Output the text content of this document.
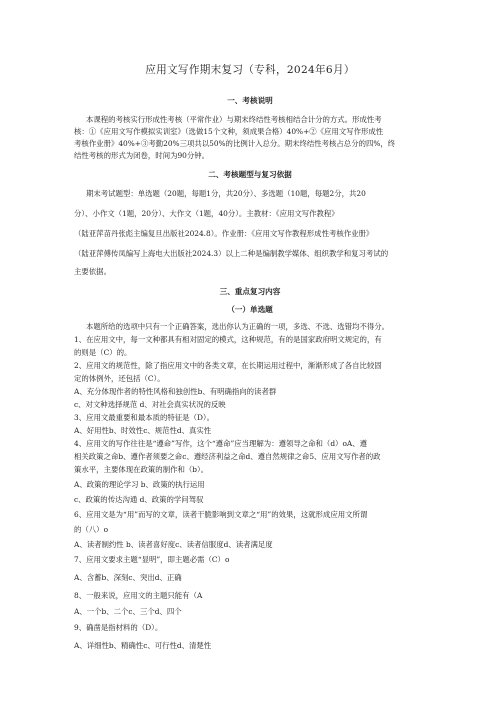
应用文写作期末复习（专科，2024年6月）
一、考核说明
本课程的考核实行形成性考核（平常作业）与期末终结性考核相结合计分的方式。形成性考
核：①《应用文写作模拟实训室》（选做15个文种，须成果合格）40%+②《应用文写作形成性
考核作业册》40%+③考勤20%三项共以50%的比例计入总分。期末终结性考核占总分的四%，终
结性考核的形式为闭卷，时间为90分钟。
二、考核题型与复习依据
期末考试题型：单选题（20题，每题1分，共20分）、多选题（10题，每题2分，共20
分）、小作文（1题，20分）、大作文（1题，40分）。主教材：《应用文写作教程》
（陆亚萍苗丹张彪主编复旦出版社2024.8）。作业册：《应用文写作教程形成性考核作业册》
（陆亚萍傅传凤编写上海电大出版社2024.3）以上二种是编制教学媒体、组织教学和复习考试的
主要依据。
三、重点复习内容
（一）单选题
本题所给的选项中只有一个正确答案，选出你认为正确的一项，多选、不选、选错均不得分。
1、在应用文中，每一文种都具有相对固定的模式，这种规范，有的是国家政府明文规定的，有
的则是（C）的。
2、应用文的规范性，除了指应用文中的各类文章，在长期运用过程中，渐渐形成了各自比较固
定的体例外，还包括（C）。
A、充分体现作者的特性风格和独创性b、有明确指向的读者群
c、对文种选择规范 d、对社会真实状况的反映
3、应用文最重要和最本质的特征是（D）。
A、好用性b、时效性c、规范性d、真实性
4、应用文的写作往往是“遵命”写作，这个“遵命”应当理解为：遵领导之命和（d）oA、遵
相关政策之命b、遵作者须要之命c、遵经济利益之命d、遵自然规律之命5、应用文写作者的政
策水平，主要体现在政策的制作和（b）。
A、政策的理论学习 b、政策的执行运用
c、政策的传达沟通 d、政策的学问驾驭
6、应用文是为“用”而写的文章，读者干脆影响到文章之“用”的效果，这就形成应用文所谓
的（八）o
A、读者制约性 b、读者喜好度c、读者信服度d、读者满足度
7、应用文要求主题“显明”，即主题必需（C）o
A、含蓄b、深刻c、突出d、正确
8、一般来说，应用文的主题只能有（A
A、一个b、二个c、三个d、四个
9、确凿是指材料的（D）。
A、详细性b、精确性c、可行性d、清楚性
